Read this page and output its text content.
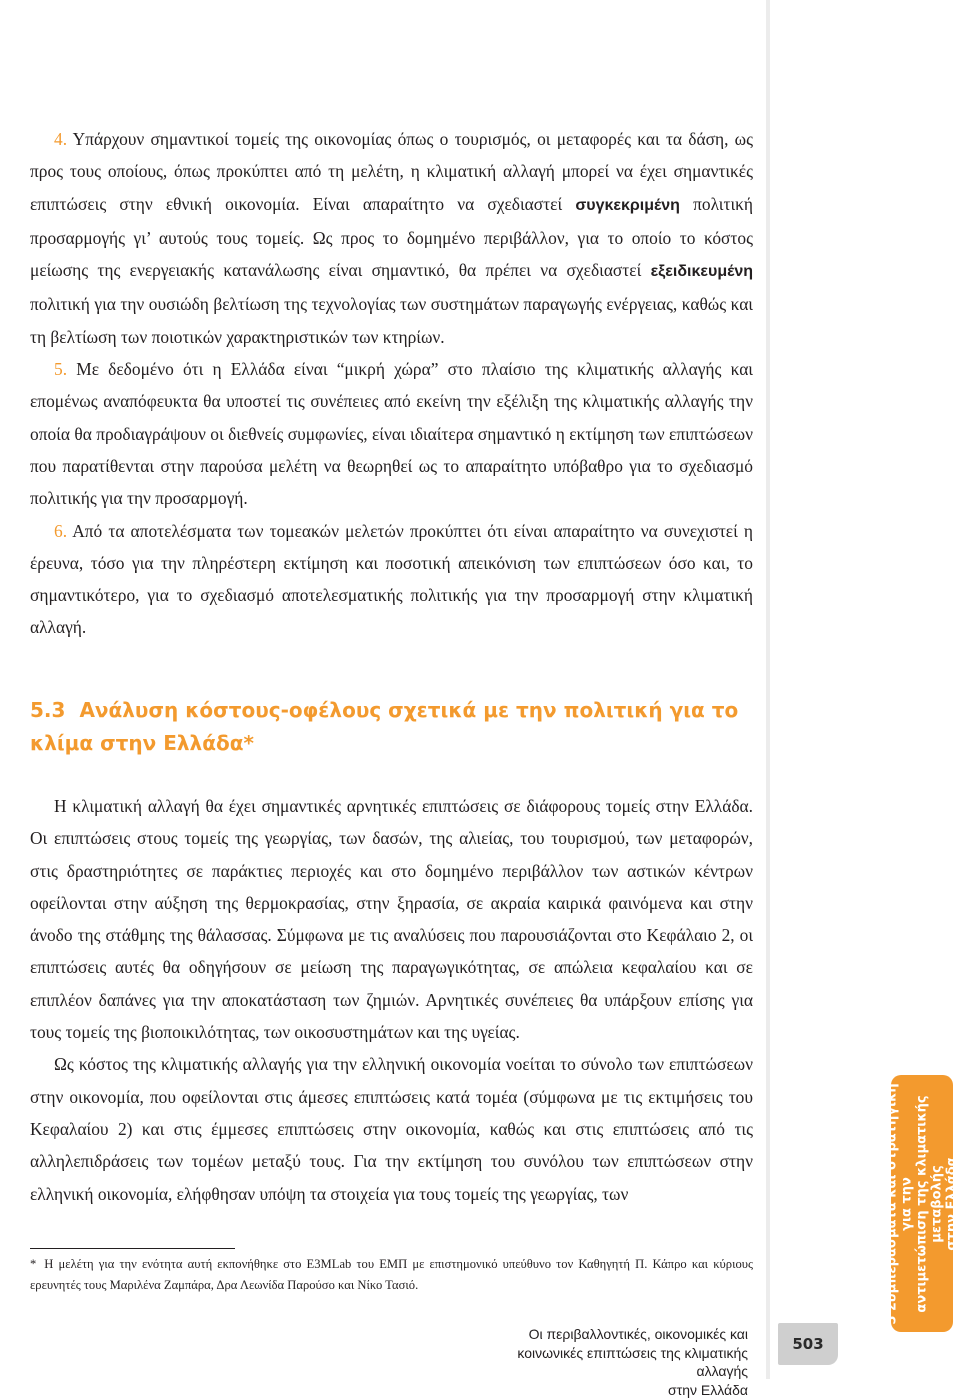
4. Υπάρχουν σημαντικοί τομείς της οικονομίας όπως ο τουρισμός, οι μεταφορές και τα δάση, ως προς τους οποίους, όπως προκύπτει από τη μελέτη, η κλιματική αλλαγή μπορεί να έχει σημαντικές επιπτώσεις στην εθνική οικονομία. Είναι απαραίτητο να σχεδιαστεί συγκεκριμένη πολιτική προσαρμογής γι’ αυτούς τους τομείς. Ως προς το δομημένο περιβάλλον, για το οποίο το κόστος μείωσης της ενεργειακής κατανάλωσης είναι σημαντικό, θα πρέπει να σχεδιαστεί εξειδικευμένη πολιτική για την ουσιώδη βελτίωση της τεχνολογίας των συστημάτων παραγωγής ενέργειας, καθώς και τη βελτίωση των ποιοτικών χαρακτηριστικών των κτηρίων.

5. Με δεδομένο ότι η Ελλάδα είναι “μικρή χώρα” στο πλαίσιο της κλιματικής αλλαγής και επομένως αναπόφευκτα θα υποστεί τις συνέπειες από εκείνη την εξέλιξη της κλιματικής αλλαγής την οποία θα προδιαγράψουν οι διεθνείς συμφωνίες, είναι ιδιαίτερα σημαντικό η εκτίμηση των επιπτώσεων που παρατίθενται στην παρούσα μελέτη να θεωρηθεί ως το απαραίτητο υπόβαθρο για το σχεδιασμό πολιτικής για την προσαρμογή.

6. Από τα αποτελέσματα των τομεακών μελετών προκύπτει ότι είναι απαραίτητο να συνεχιστεί η έρευνα, τόσο για την πληρέστερη εκτίμηση και ποσοτική απεικόνιση των επιπτώσεων όσο και, το σημαντικότερο, για το σχεδιασμό αποτελεσματικής πολιτικής για την προσαρμογή στην κλιματική αλλαγή.

5.3 Ανάλυση κόστους-οφέλους σχετικά με την πολιτική για το κλίμα στην Ελλάδα*

Η κλιματική αλλαγή θα έχει σημαντικές αρνητικές επιπτώσεις σε διάφορους τομείς στην Ελλάδα. Οι επιπτώσεις στους τομείς της γεωργίας, των δασών, της αλιείας, του τουρισμού, των μεταφορών, στις δραστηριότητες σε παράκτιες περιοχές και στο δομημένο περιβάλλον των αστικών κέντρων οφείλονται στην αύξηση της θερμοκρασίας, στην ξηρασία, σε ακραία καιρικά φαινόμενα και στην άνοδο της στάθμης της θάλασσας. Σύμφωνα με τις αναλύσεις που παρουσιάζονται στο Κεφάλαιο 2, οι επιπτώσεις αυτές θα οδηγήσουν σε μείωση της παραγωγικότητας, σε απώλεια κεφαλαίου και σε επιπλέον δαπάνες για την αποκατάσταση των ζημιών. Αρνητικές συνέπειες θα υπάρξουν επίσης για τους τομείς της βιοποικιλότητας, των οικοσυστημάτων και της υγείας.

Ως κόστος της κλιματικής αλλαγής για την ελληνική οικονομία νοείται το σύνολο των επιπτώσεων στην οικονομία, που οφείλονται στις άμεσες επιπτώσεις κατά τομέα (σύμφωνα με τις εκτιμήσεις του Κεφαλαίου 2) και στις έμμεσες επιπτώσεις στην οικονομία, καθώς και στις επιπτώσεις από τις αλληλεπιδράσεις των τομέων μεταξύ τους. Για την εκτίμηση του συνόλου των επιπτώσεων στην ελληνική οικονομία, ελήφθησαν υπόψη τα στοιχεία για τους τομείς της γεωργίας, των

* Η μελέτη για την ενότητα αυτή εκπονήθηκε στο E3MLab του ΕΜΠ με επιστημονικό υπεύθυνο τον Καθηγητή Π. Κάπρο και κύριους ερευνητές τους Μαριλένα Ζαμπάρα, Δρα Λεωνίδα Παρούσο και Νίκο Τασιό.
Οι περιβαλλοντικές, οικονομικές και
κοινωνικές επιπτώσεις της κλιματικής αλλαγής
στην Ελλάδα
503
5 Συμπεράσματα και στρατηγική για την αντιμετώπιση της κλιματικής μεταβολής στην Ελλάδα
